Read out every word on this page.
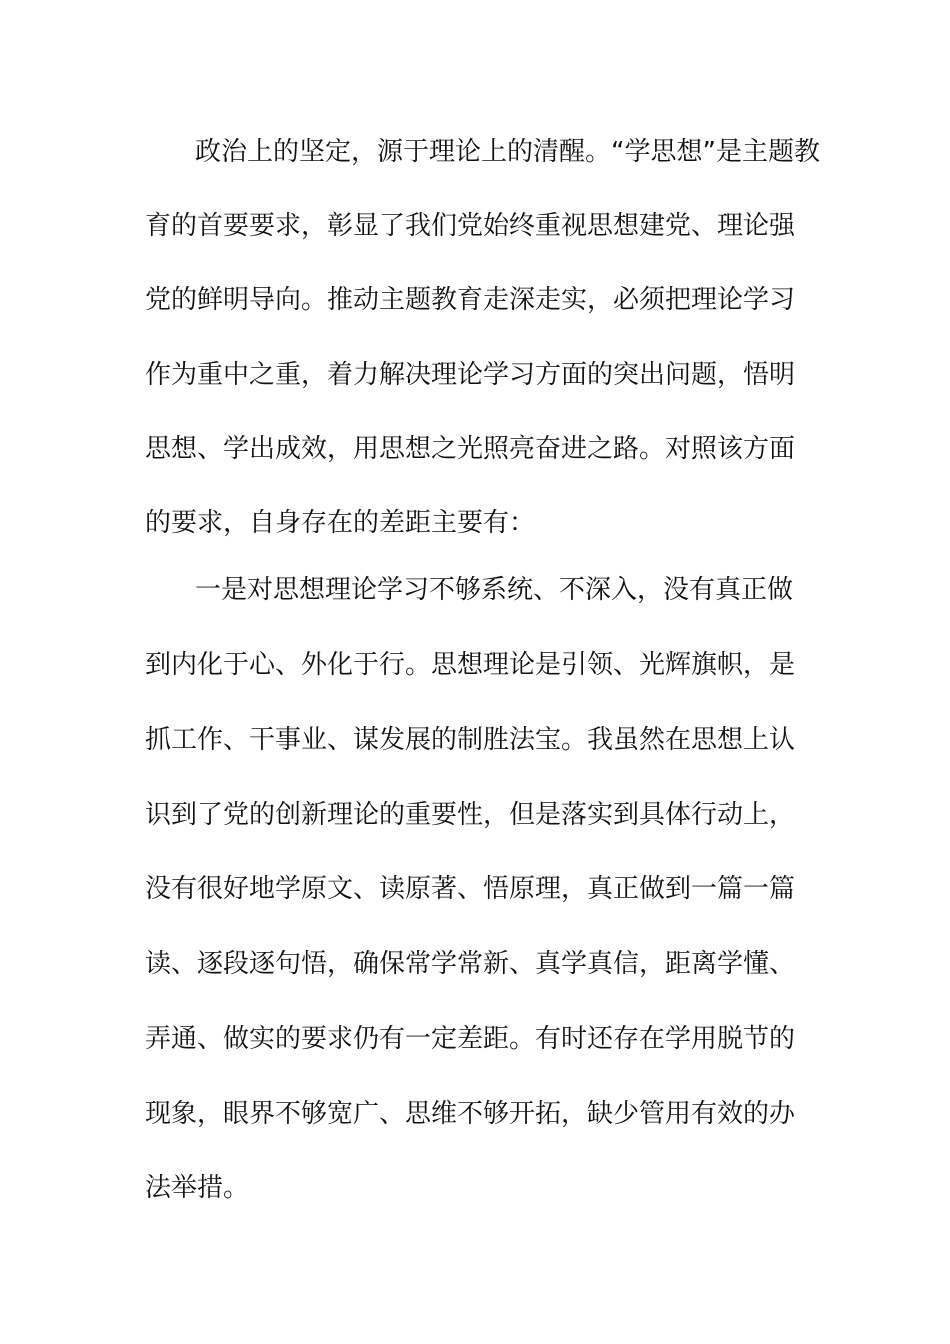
政治上的坚定，源于理论上的清醒。“学思想”是主题教
育的首要要求，彰显了我们党始终重视思想建党、理论强
党的鲜明导向。推动主题教育走深走实，必须把理论学习
作为重中之重，着力解决理论学习方面的突出问题，悟明
思想、学出成效，用思想之光照亮奋进之路。对照该方面
的要求，自身存在的差距主要有：
一是对思想理论学习不够系统、不深入，没有真正做
到内化于心、外化于行。思想理论是引领、光辉旗帜，是
抓工作、干事业、谋发展的制胜法宝。我虽然在思想上认
识到了党的创新理论的重要性，但是落实到具体行动上，
没有很好地学原文、读原著、悟原理，真正做到一篇一篇
读、逐段逐句悟，确保常学常新、真学真信，距离学懂、
弄通、做实的要求仍有一定差距。有时还存在学用脱节的
现象，眼界不够宽广、思维不够开拓，缺少管用有效的办
法举措。
